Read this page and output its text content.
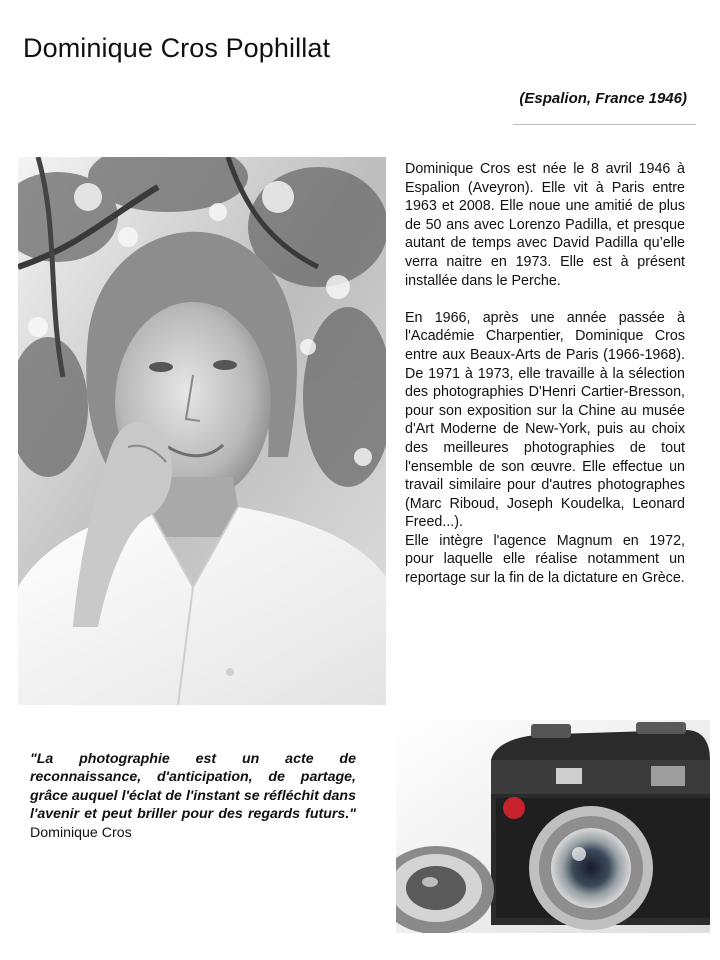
Dominique Cros Pophillat
(Espalion, France 1946)

Dominique Cros est née le 8 avril 1946 à Espalion (Aveyron). Elle vit à Paris entre 1963 et 2008. Elle noue une amitié de plus de 50 ans avec Lorenzo Padilla, et presque autant de temps avec David Padilla qu’elle verra naitre en 1973. Elle est à présent installée dans le Perche.

En 1966, après une année passée à l'Académie Charpentier, Dominique Cros entre aux Beaux-Arts de Paris (1966-1968). De 1971 à 1973, elle travaille à la sélection des photographies D'Henri Cartier-Bresson, pour son exposition sur la Chine au musée d'Art Moderne de New-York, puis au choix des meilleures photographies de tout l'ensemble de son œuvre. Elle effectue un travail similaire pour d'autres photographes (Marc Riboud, Joseph Koudelka, Leonard Freed...).

Elle intègre l'agence Magnum en 1972, pour laquelle elle réalise notamment un reportage sur la fin de la dictature en Grèce.

"La photographie est un acte de reconnaissance, d'anticipation, de partage, grâce auquel l'éclat de l'instant se réfléchit dans l'avenir et peut briller pour des regards futurs." Dominique Cros
